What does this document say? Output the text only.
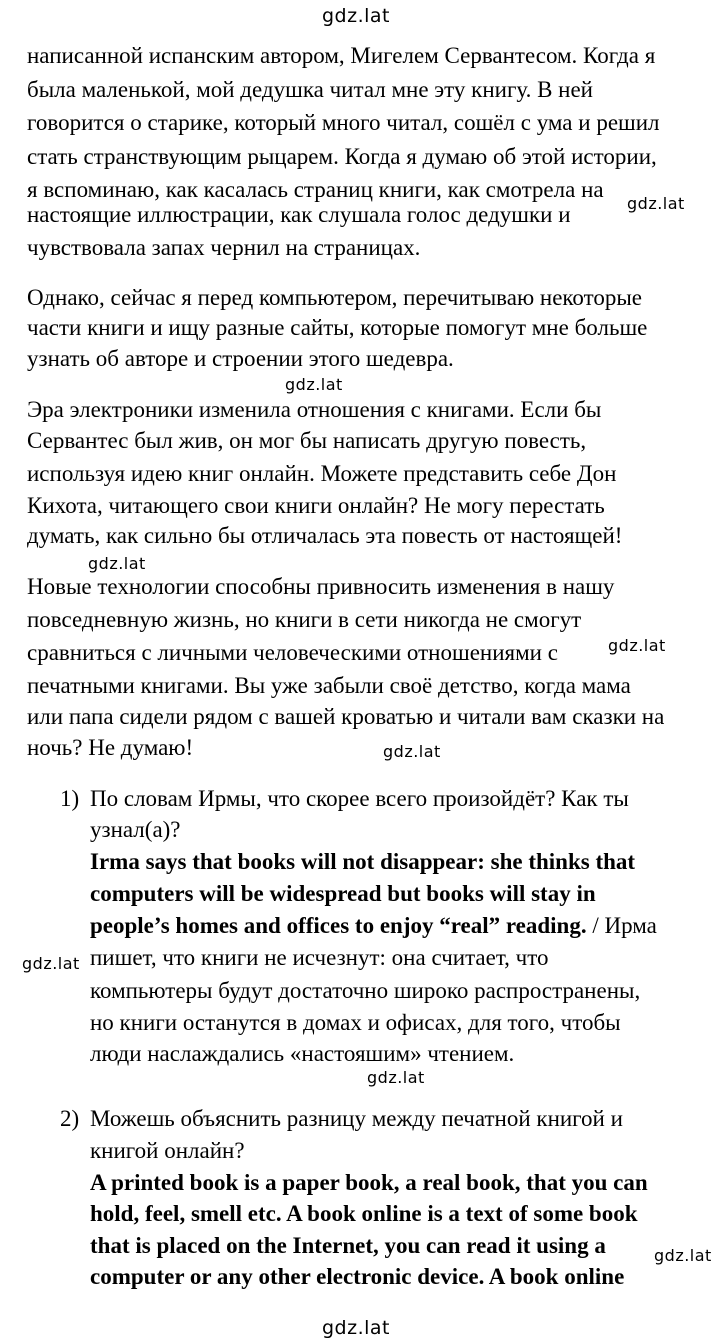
gdz.lat
gdz.lat
gdz.lat
gdz.lat
gdz.lat
gdz.lat
gdz.lat
gdz.lat
gdz.lat
gdz.lat
написанной испанским автором, Мигелем Сервантесом. Когда я
была маленькой, мой дедушка читал мне эту книгу. В ней
говорится о старике, который много читал, сошёл с ума и решил
стать странствующим рыцарем. Когда я думаю об этой истории,
я вспоминаю, как касалась страниц книги, как смотрела на
настоящие иллюстрации, как слушала голос дедушки и
чувствовала запах чернил на страницах.
Однако, сейчас я перед компьютером, перечитываю некоторые
части книги и ищу разные сайты, которые помогут мне больше
узнать об авторе и строении этого шедевра.
Эра электроники изменила отношения с книгами. Если бы
Сервантес был жив, он мог бы написать другую повесть,
используя идею книг онлайн. Можете представить себе Дон
Кихота, читающего свои книги онлайн? Не могу перестать
думать, как сильно бы отличалась эта повесть от настоящей!
Новые технологии способны привносить изменения в нашу
повседневную жизнь, но книги в сети никогда не смогут
сравниться с личными человеческими отношениями с
печатными книгами. Вы уже забыли своё детство, когда мама
или папа сидели рядом с вашей кроватью и читали вам сказки на
ночь? Не думаю!
1) По словам Ирмы, что скорее всего произойдёт? Как ты
узнал(а)?
Irma says that books will not disappear: she thinks that
computers will be widespread but books will stay in
people’s homes and offices to enjoy “real” reading. / Ирма
пишет, что книги не исчезнут: она считает, что
компьютеры будут достаточно широко распространены,
но книги останутся в домах и офисах, для того, чтобы
люди наслаждались «настояшим» чтением.
2) Можешь объяснить разницу между печатной книгой и
книгой онлайн?
A printed book is a paper book, a real book, that you can
hold, feel, smell etc. A book online is a text of some book
that is placed on the Internet, you can read it using a
computer or any other electronic device. A book online
